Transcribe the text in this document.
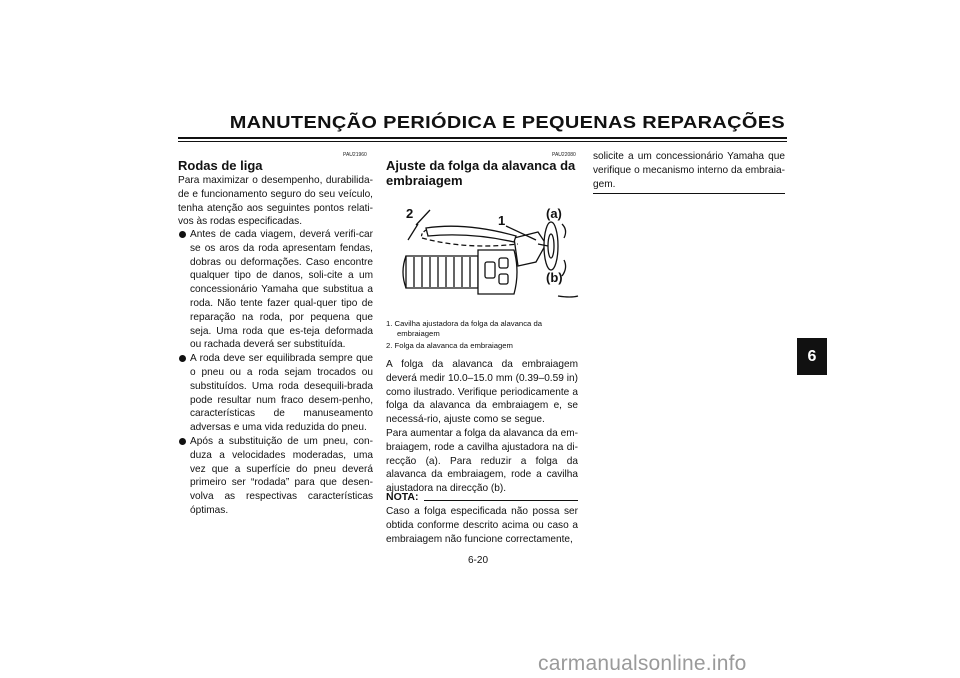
MANUTENÇÃO PERIÓDICA E PEQUENAS REPARAÇÕES
6
PAU21960
Rodas de liga
Para maximizar o desempenho, durabilida-de e funcionamento seguro do seu veículo, tenha atenção aos seguintes pontos relati-vos às rodas especificadas.
Antes de cada viagem, deverá verifi-car se os aros da roda apresentam fendas, dobras ou deformações. Caso encontre qualquer tipo de danos, soli-cite a um concessionário Yamaha que substitua a roda. Não tente fazer qual-quer tipo de reparação na roda, por pequena que seja. Uma roda que es-teja deformada ou rachada deverá ser substituída.
A roda deve ser equilibrada sempre que o pneu ou a roda sejam trocados ou substituídos. Uma roda desequili-brada pode resultar num fraco desem-penho, características de manuseamento adversas e uma vida reduzida do pneu.
Após a substituição de um pneu, con-duza a velocidades moderadas, uma vez que a superfície do pneu deverá primeiro ser “rodada” para que desen-volva as respectivas características óptimas.
PAU22080
Ajuste da folga da alavanca da embraiagem
2	1	(a)
(b)
1. Cavilha ajustadora da folga da alavanca da embraiagem
2. Folga da alavanca da embraiagem
A folga da alavanca da embraiagem deverá medir 10.0–15.0 mm (0.39–0.59 in) como ilustrado. Verifique periodicamente a folga da alavanca da embraiagem e, se necessá-rio, ajuste como se segue.
Para aumentar a folga da alavanca da em-braiagem, rode a cavilha ajustadora na di-recção (a). Para reduzir a folga da alavanca da embraiagem, rode a cavilha ajustadora na direcção (b).
NOTA:
Caso a folga especificada não possa ser obtida conforme descrito acima ou caso a embraiagem não funcione correctamente,
solicite a um concessionário Yamaha que verifique o mecanismo interno da embraia-gem.
6-20
carmanualsonline.info
